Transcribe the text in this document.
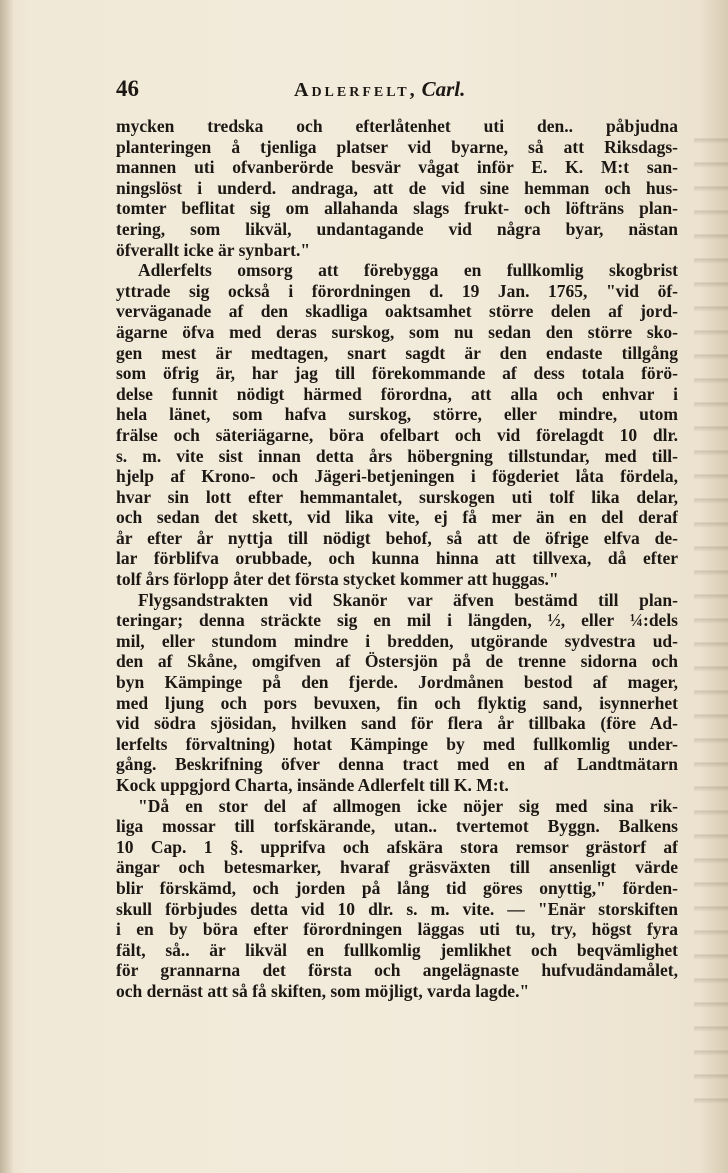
46	Adlerfelt, Carl.
mycken tredska och efterlåtenhet uti den.. påbjudna
planteringen å tjenliga platser vid byarne, så att Riksdags-
mannen uti ofvanberörde besvär vågat inför E. K. M:t san-
ningslöst i underd. andraga, att de vid sine hemman och hus-
tomter beflitat sig om allahanda slags frukt- och löfträns plan-
tering, som likväl, undantagande vid några byar, nästan
öfverallt icke är synbart."
Adlerfelts omsorg att förebygga en fullkomlig skogbrist
yttrade sig också i förordningen d. 19 Jan. 1765, "vid öf-
verväganade af den skadliga oaktsamhet större delen af jord-
ägarne öfva med deras surskog, som nu sedan den större sko-
gen mest är medtagen, snart sagdt är den endaste tillgång
som öfrig är, har jag till förekommande af dess totala förö-
delse funnit nödigt härmed förordna, att alla och enhvar i
hela länet, som hafva surskog, större, eller mindre, utom
frälse och säteriägarne, böra ofelbart och vid förelagdt 10 dlr.
s. m. vite sist innan detta års höbergning tillstundar, med till-
hjelp af Krono- och Jägeri-betjeningen i fögderiet låta fördela,
hvar sin lott efter hemmantalet, surskogen uti tolf lika delar,
och sedan det skett, vid lika vite, ej få mer än en del deraf
år efter år nyttja till nödigt behof, så att de öfrige elfva de-
lar förblifva orubbade, och kunna hinna att tillvexa, då efter
tolf års förlopp åter det första stycket kommer att huggas."
Flygsandstrakten vid Skanör var äfven bestämd till plan-
teringar; denna sträckte sig en mil i längden, ½, eller ¼:dels
mil, eller stundom mindre i bredden, utgörande sydvestra ud-
den af Skåne, omgifven af Östersjön på de trenne sidorna och
byn Kämpinge på den fjerde. Jordmånen bestod af mager,
med ljung och pors bevuxen, fin och flyktig sand, isynnerhet
vid södra sjösidan, hvilken sand för flera år tillbaka (före Ad-
lerfelts förvaltning) hotat Kämpinge by med fullkomlig under-
gång. Beskrifning öfver denna tract med en af Landtmätarn
Kock uppgjord Charta, insände Adlerfelt till K. M:t.
"Då en stor del af allmogen icke nöjer sig med sina rik-
liga mossar till torfskärande, utan.. tvertemot Byggn. Balkens
10 Cap. 1 §. upprifva och afskära stora remsor grästorf af
ängar och betesmarker, hvaraf gräsväxten till ansenligt värde
blir förskämd, och jorden på lång tid göres onyttig," förden-
skull förbjudes detta vid 10 dlr. s. m. vite. — "Enär storskiften
i en by böra efter förordningen läggas uti tu, try, högst fyra
fält, så.. är likväl en fullkomlig jemlikhet och beqvämlighet
för grannarna det första och angelägnaste hufvudändamålet,
och dernäst att så få skiften, som möjligt, varda lagde."
